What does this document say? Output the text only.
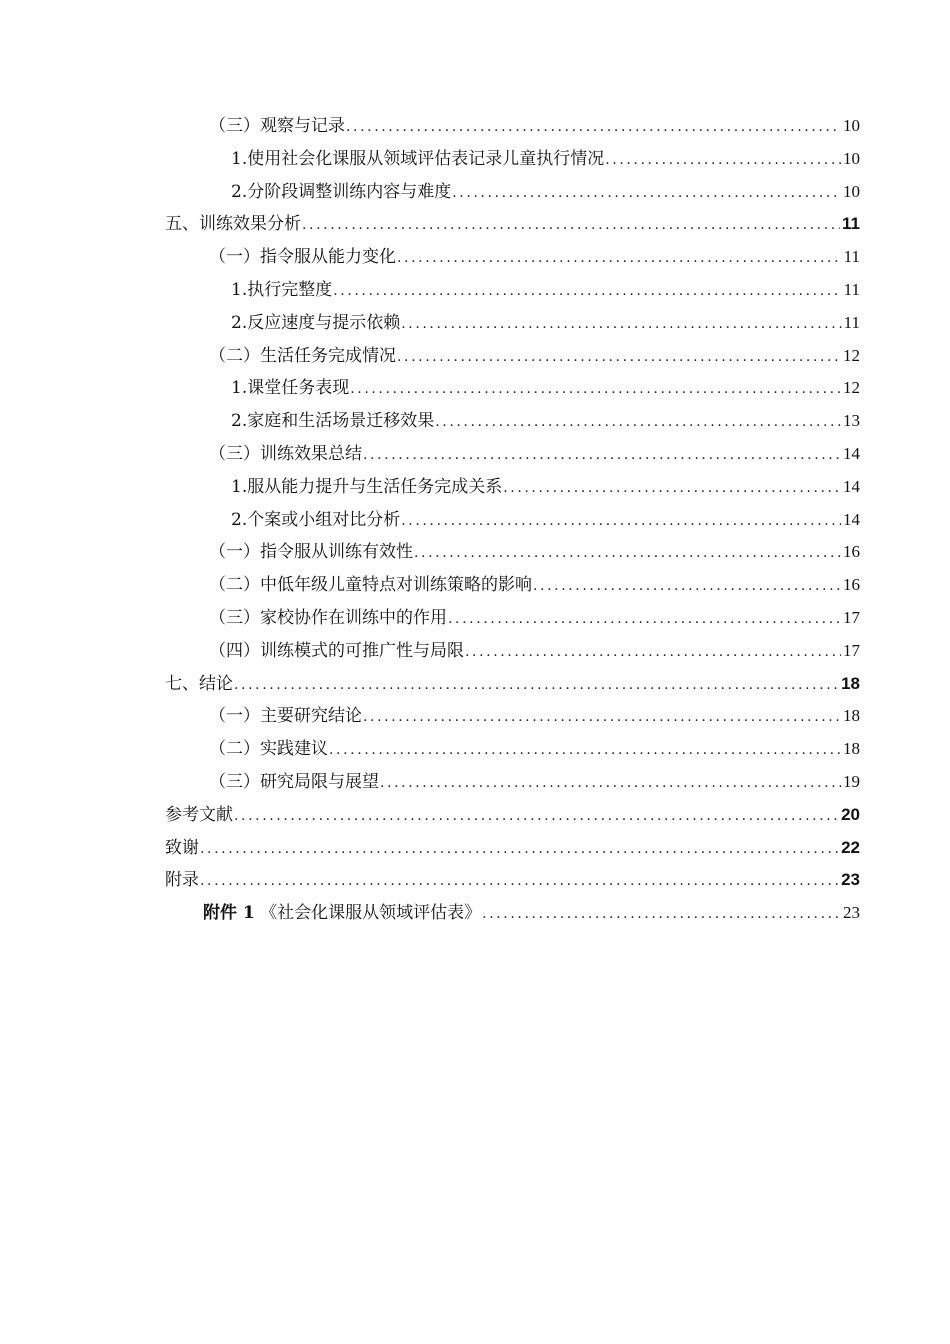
（三）观察与记录 .....	10
1.使用社会化课服从领域评估表记录儿童执行情况 .....	10
2.分阶段调整训练内容与难度 .....	10
五、训练效果分析 .....	11
（一）指令服从能力变化 .....	11
1.执行完整度 .....	11
2.反应速度与提示依赖 .....	11
（二）生活任务完成情况 .....	12
1.课堂任务表现 .....	12
2.家庭和生活场景迁移效果 .....	13
（三）训练效果总结 .....	14
1.服从能力提升与生活任务完成关系 .....	14
2.个案或小组对比分析 .....	14
（一）指令服从训练有效性 .....	16
（二）中低年级儿童特点对训练策略的影响 .....	16
（三）家校协作在训练中的作用 .....	17
（四）训练模式的可推广性与局限 .....	17
七、结论 .....	18
（一）主要研究结论 .....	18
（二）实践建议 .....	18
（三）研究局限与展望 .....	19
参考文献 .....	20
致谢 .....	22
附录 .....	23
附件 1 《社会化课服从领域评估表》 .....	23
